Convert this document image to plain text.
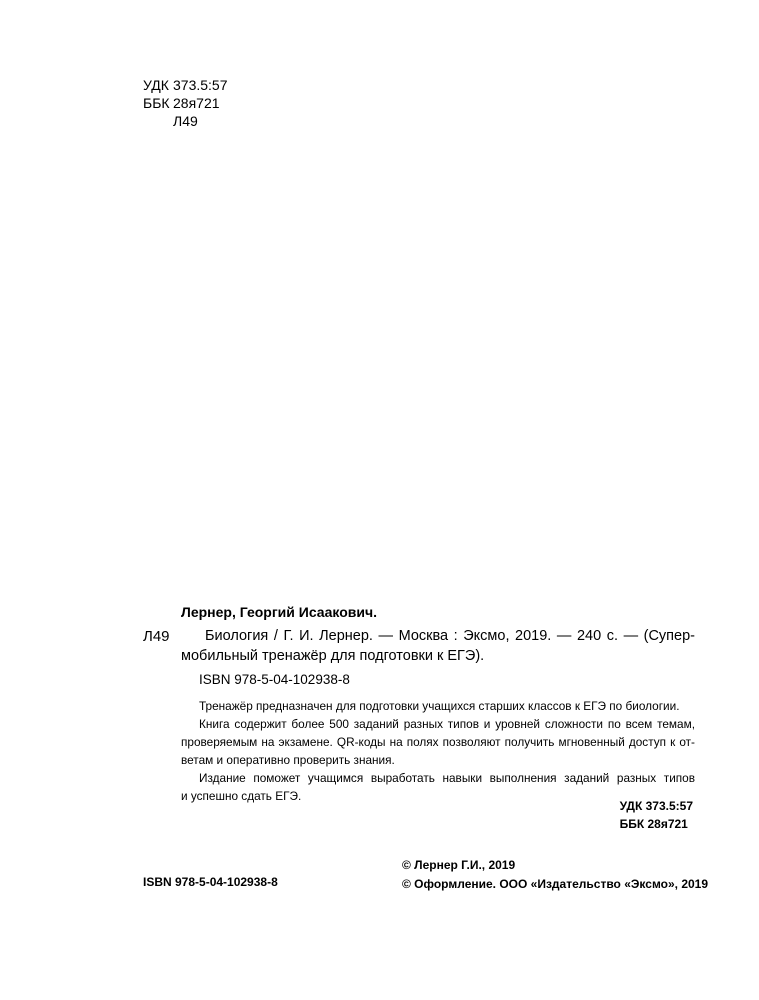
УДК 373.5:57
ББК 28я721
Л49
Лернер, Георгий Исаакович.
Л49	Биология / Г. И. Лернер. — Москва : Эксмо, 2019. — 240 с. — (Супер-
мобильный тренажёр для подготовки к ЕГЭ).
ISBN 978-5-04-102938-8
Тренажёр предназначен для подготовки учащихся старших классов к ЕГЭ по биологии.
Книга содержит более 500 заданий разных типов и уровней сложности по всем темам,
проверяемым на экзамене. QR-коды на полях позволяют получить мгновенный доступ к от-
ветам и оперативно проверить знания.
Издание поможет учащимся выработать навыки выполнения заданий разных типов
и успешно сдать ЕГЭ.
УДК 373.5:57
ББК 28я721
© Лернер Г.И., 2019
© Оформление. ООО «Издательство «Эксмо», 2019
ISBN 978-5-04-102938-8
